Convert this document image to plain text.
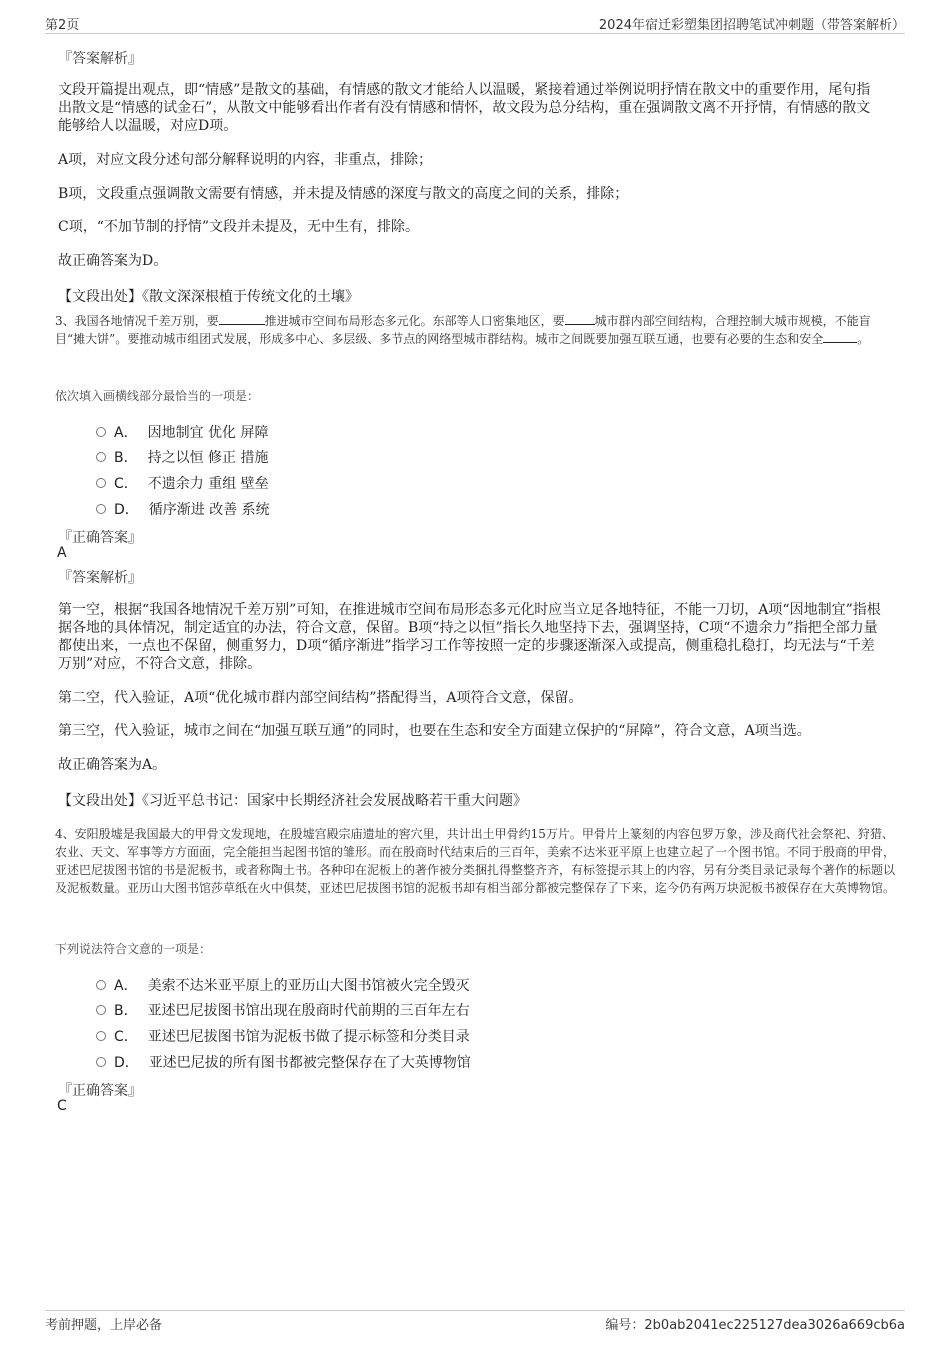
第2页	2024年宿迁彩塑集团招聘笔试冲刺题（带答案解析）
『答案解析』
文段开篇提出观点，即“情感”是散文的基础，有情感的散文才能给人以温暖，紧接着通过举例说明抒情在散文中的重要作用，尾句指出散文是“情感的试金石”，从散文中能够看出作者有没有情感和情怀，故文段为总分结构，重在强调散文离不开抒情，有情感的散文能够给人以温暖，对应D项。
A项，对应文段分述句部分解释说明的内容，非重点，排除；
B项，文段重点强调散文需要有情感，并未提及情感的深度与散文的高度之间的关系，排除；
C项，“不加节制的抒情”文段并未提及，无中生有，排除。
故正确答案为D。
【文段出处】《散文深深根植于传统文化的土壤》
3、我国各地情况千差万别，要	推进城市空间布局形态多元化。东部等人口密集地区，要	城市群内部空间结构，合理控制大城市规模，不能盲目“摊大饼”。要推动城市组团式发展，形成多中心、多层级、多节点的网络型城市群结构。城市之间既要加强互联互通，也要有必要的生态和安全	。
依次填入画横线部分最恰当的一项是：
A． 因地制宜 优化 屏障
B． 持之以恒 修正 措施
C． 不遗余力 重组 壁垒
D． 循序渐进 改善 系统
『正确答案』
A
『答案解析』
第一空，根据“我国各地情况千差万别”可知，在推进城市空间布局形态多元化时应当立足各地特征，不能一刀切，A项“因地制宜”指根据各地的具体情况，制定适宜的办法，符合文意，保留。B项“持之以恒”指长久地坚持下去，强调坚持，C项“不遗余力”指把全部力量都使出来，一点也不保留，侧重努力，D项“循序渐进”指学习工作等按照一定的步骤逐渐深入或提高，侧重稳扎稳打，均无法与“千差万别”对应，不符合文意，排除。
第二空，代入验证，A项“优化城市群内部空间结构”搭配得当，A项符合文意，保留。
第三空，代入验证，城市之间在“加强互联互通”的同时，也要在生态和安全方面建立保护的“屏障”，符合文意，A项当选。
故正确答案为A。
【文段出处】《习近平总书记：国家中长期经济社会发展战略若干重大问题》
4、安阳殷墟是我国最大的甲骨文发现地，在殷墟宫殿宗庙遗址的窖穴里，共计出土甲骨约15万片。甲骨片上篆刻的内容包罗万象，涉及商代社会祭祀、狩猎、农业、天文、军事等方方面面，完全能担当起图书馆的雏形。而在殷商时代结束后的三百年，美索不达米亚平原上也建立起了一个图书馆。不同于殷商的甲骨，亚述巴尼拔图书馆的书是泥板书，或者称陶土书。各种印在泥板上的著作被分类捆扎得整整齐齐，有标签提示其上的内容，另有分类目录记录每个著作的标题以及泥板数量。亚历山大图书馆莎草纸在火中俱焚，亚述巴尼拔图书馆的泥板书却有相当部分都被完整保存了下来，迄今仍有两万块泥板书被保存在大英博物馆。
下列说法符合文意的一项是：
A． 美索不达米亚平原上的亚历山大图书馆被火完全毁灭
B． 亚述巴尼拔图书馆出现在殷商时代前期的三百年左右
C． 亚述巴尼拔图书馆为泥板书做了提示标签和分类目录
D． 亚述巴尼拔的所有图书都被完整保存在了大英博物馆
『正确答案』
C
考前押题，上岸必备	编号：2b0ab2041ec225127dea3026a669cb6a
